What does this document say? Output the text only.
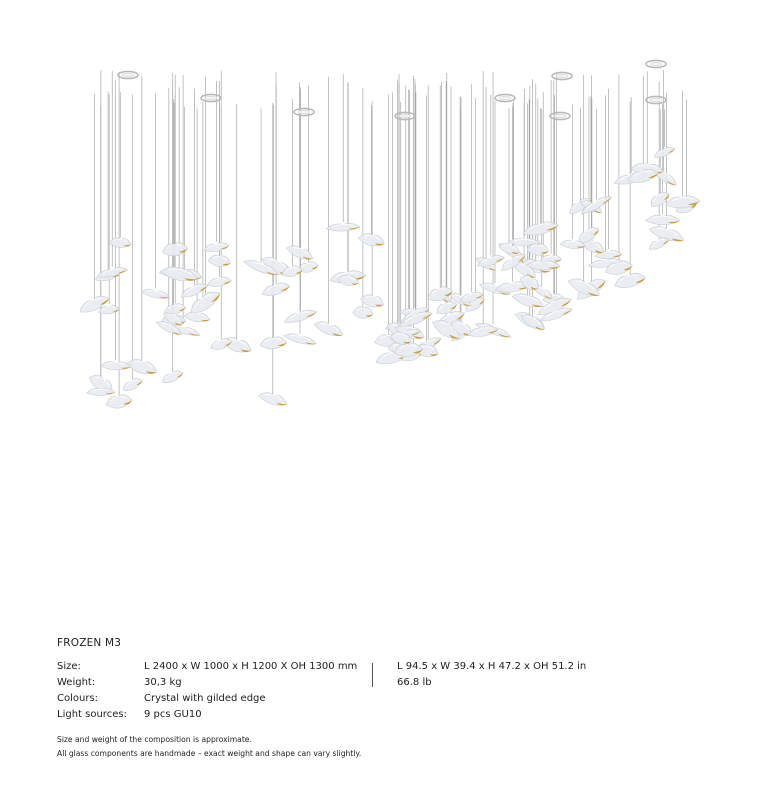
FROZEN M3
Size:	L 2400 x W 1000 x H 1200 X OH 1300 mm	L 94.5 x W 39.4 x H 47.2 x OH 51.2 in
Weight:	30,3 kg	66.8 lb
Colours:	Crystal with gilded edge
Light sources: 9 pcs GU10
Size and weight of the composition is approximate.
All glass components are handmade – exact weight and shape can vary slightly.
